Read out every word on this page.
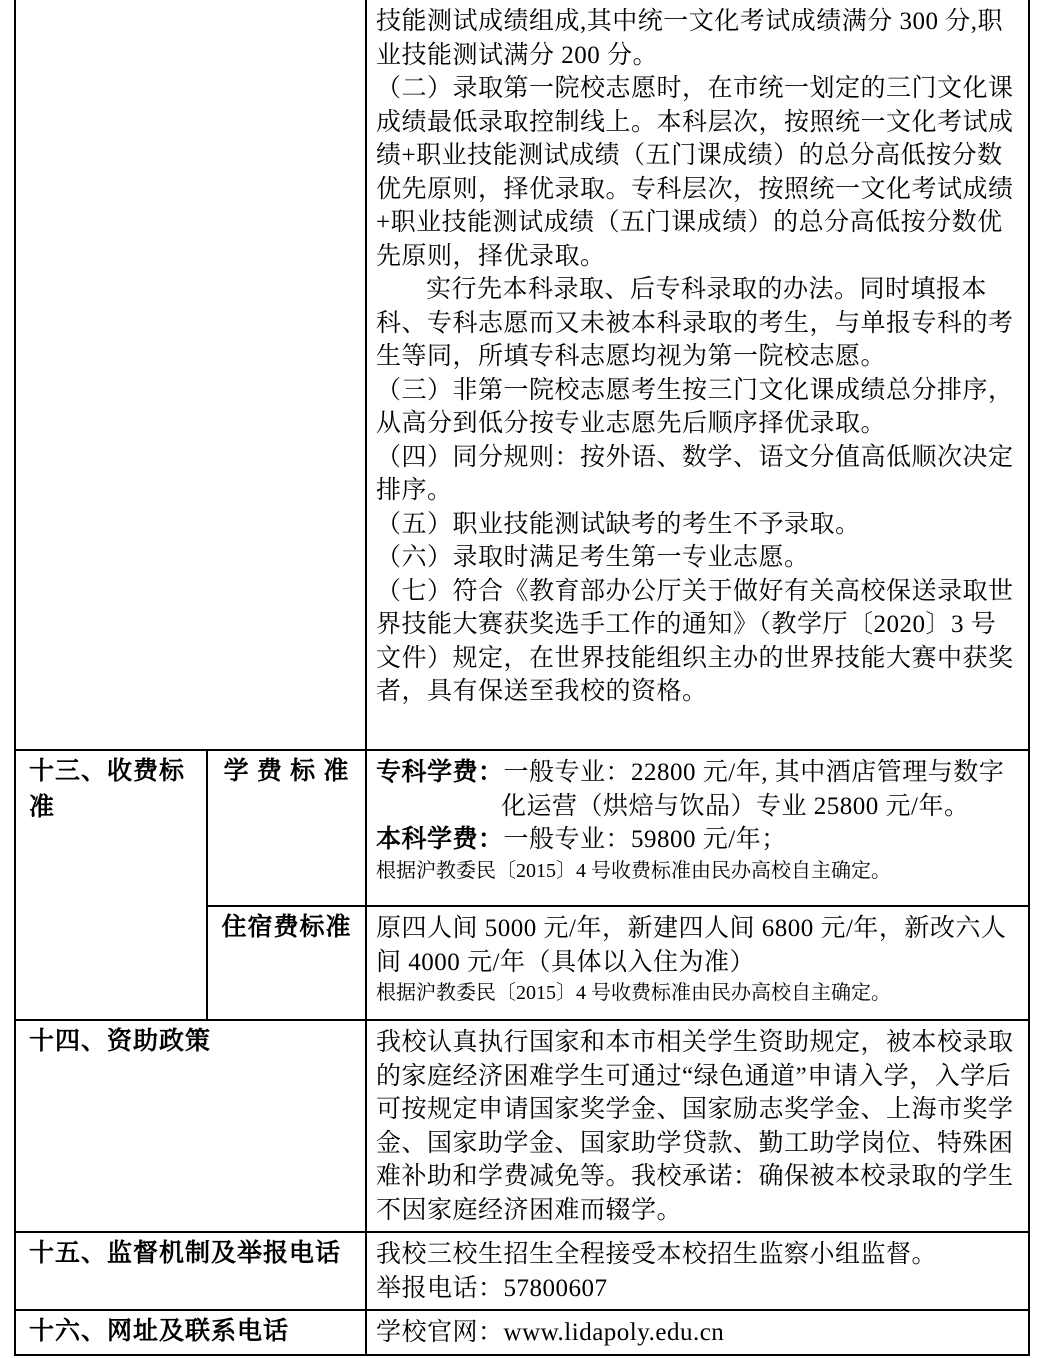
技能测试成绩组成,其中统一文化考试成绩满分 300 分,职业技能测试满分 200 分。

（二）录取第一院校志愿时，在市统一划定的三门文化课成绩最低录取控制线上。本科层次，按照统一文化考试成绩+职业技能测试成绩（五门课成绩）的总分高低按分数优先原则，择优录取。专科层次，按照统一文化考试成绩+职业技能测试成绩（五门课成绩）的总分高低按分数优先原则，择优录取。

实行先本科录取、后专科录取的办法。同时填报本科、专科志愿而又未被本科录取的考生，与单报专科的考生等同，所填专科志愿均视为第一院校志愿。

（三）非第一院校志愿考生按三门文化课成绩总分排序，从高分到低分按专业志愿先后顺序择优录取。

（四）同分规则：按外语、数学、语文分值高低顺次决定排序。

（五）职业技能测试缺考的考生不予录取。

（六）录取时满足考生第一专业志愿。

（七）符合《教育部办公厅关于做好有关高校保送录取世界技能大赛获奖选手工作的通知》（教学厅〔2020〕3 号文件）规定，在世界技能组织主办的世界技能大赛中获奖者，具有保送至我校的资格。

十三、收费标准	学 费 标 准	专科学费：一般专业：22800 元/年, 其中酒店管理与数字化运营（烘焙与饮品）专业 25800 元/年。

本科学费：一般专业：59800 元/年；

根据沪教委民〔2015〕4 号收费标准由民办高校自主确定。

	住宿费标准	原四人间 5000 元/年，新建四人间 6800 元/年，新改六人间 4000 元/年（具体以入住为准）

根据沪教委民〔2015〕4 号收费标准由民办高校自主确定。

十四、资助政策		我校认真执行国家和本市相关学生资助规定，被本校录取的家庭经济困难学生可通过“绿色通道”申请入学，入学后可按规定申请国家奖学金、国家励志奖学金、上海市奖学金、国家助学金、国家助学贷款、勤工助学岗位、特殊困难补助和学费减免等。我校承诺：确保被本校录取的学生不因家庭经济困难而辍学。

十五、监督机制及举报电话		我校三校生招生全程接受本校招生监察小组监督。

举报电话：57800607

十六、网址及联系电话		学校官网：www.lidapoly.edu.cn
